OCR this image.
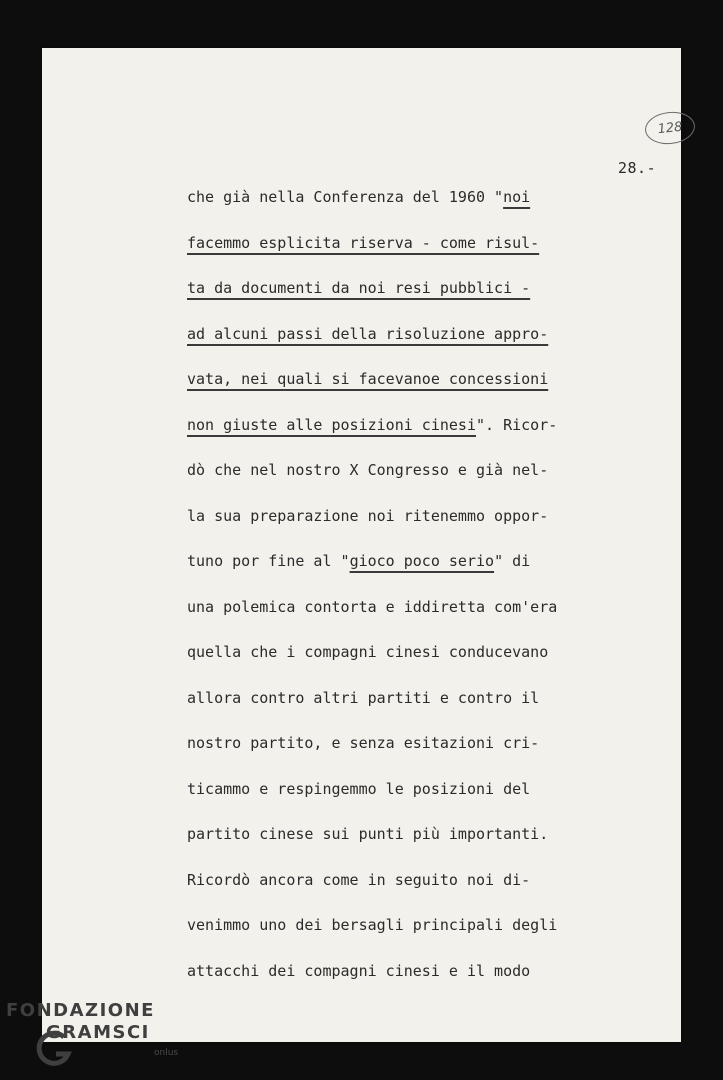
128
28.-
che già nella Conferenza del 1960 "noi
facemmo esplicita riserva - come risul-
ta da documenti da noi resi pubblici -
ad alcuni passi della risoluzione appro-
vata, nei quali si facevanoe concessioni
non giuste alle posizioni cinesi". Ricor-
dò che nel nostro X Congresso e già nel-
la sua preparazione noi ritenemmo oppor-
tuno por fine al "gioco poco serio" di
una polemica contorta e iddiretta com'era
quella che i compagni cinesi conducevano
allora contro altri partiti e contro il
nostro partito, e senza esitazioni cri-
ticammo e respingemmo le posizioni del
partito cinese sui punti più importanti.
Ricordò ancora come in seguito noi di-
venimmo uno dei bersagli principali degli
attacchi dei compagni cinesi e il modo
FONDAZIONE
GRAMSCI
onlus
